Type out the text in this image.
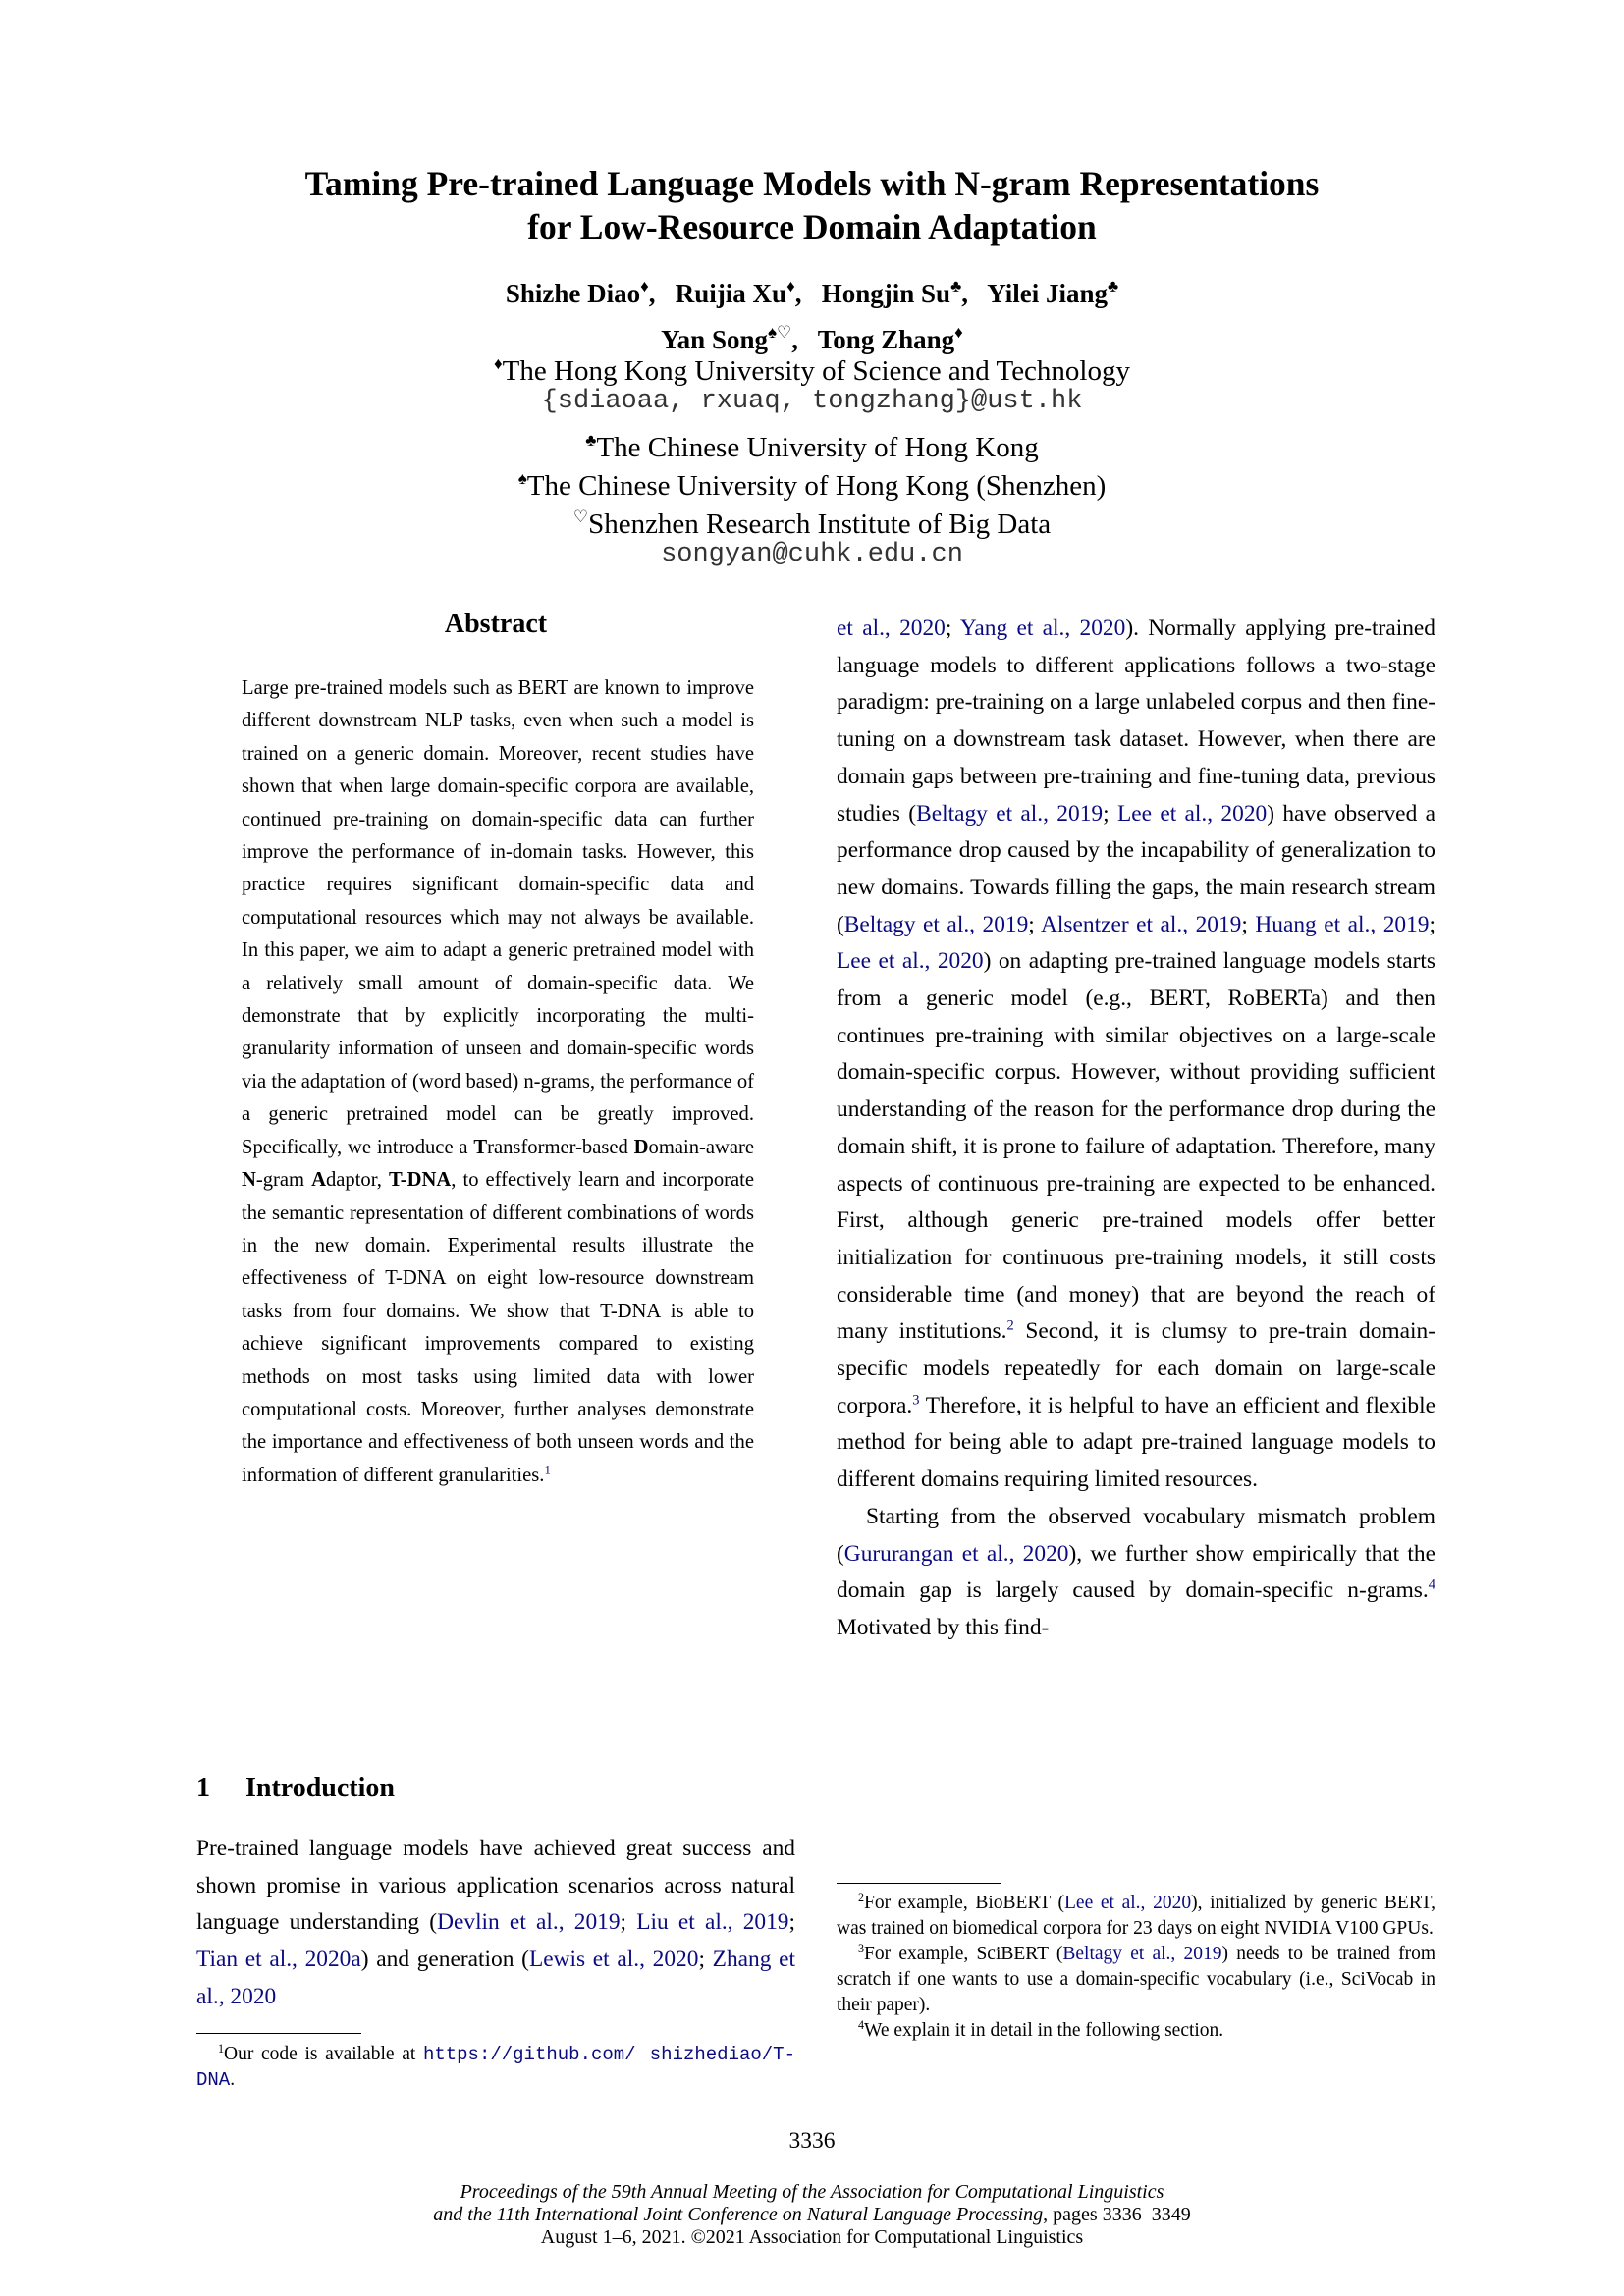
Taming Pre-trained Language Models with N-gram Representations
for Low-Resource Domain Adaptation
Shizhe Diao♦, Ruijia Xu♦, Hongjin Su♣, Yilei Jiang♣
Yan Song♠♡, Tong Zhang♦
♦The Hong Kong University of Science and Technology
{sdiaoaa, rxuaq, tongzhang}@ust.hk
♣The Chinese University of Hong Kong
♠The Chinese University of Hong Kong (Shenzhen)
♡Shenzhen Research Institute of Big Data
songyan@cuhk.edu.cn
Abstract
Large pre-trained models such as BERT are known to improve different downstream NLP tasks, even when such a model is trained on a generic domain. Moreover, recent studies have shown that when large domain-specific corpora are available, continued pre-training on domain-specific data can further improve the performance of in-domain tasks. However, this practice requires significant domain-specific data and computational resources which may not always be available. In this paper, we aim to adapt a generic pretrained model with a relatively small amount of domain-specific data. We demonstrate that by explicitly incorporating the multi-granularity information of unseen and domain-specific words via the adaptation of (word based) n-grams, the performance of a generic pretrained model can be greatly improved. Specifically, we introduce a Transformer-based Domain-aware N-gram Adaptor, T-DNA, to effectively learn and incorporate the semantic representation of different combinations of words in the new domain. Experimental results illustrate the effectiveness of T-DNA on eight low-resource downstream tasks from four domains. We show that T-DNA is able to achieve significant improvements compared to existing methods on most tasks using limited data with lower computational costs. Moreover, further analyses demonstrate the importance and effectiveness of both unseen words and the information of different granularities.$^1$
1 Introduction

Pre-trained language models have achieved great success and shown promise in various application scenarios across natural language understanding (Devlin et al., 2019; Liu et al., 2019; Tian et al., 2020a) and generation (Lewis et al., 2020; Zhang et al., 2020

$^1$Our code is available at https://github.com/ shizhediao/T-DNA.

et al., 2020; Yang et al., 2020). Normally applying pre-trained language models to different applications follows a two-stage paradigm: pre-training on a large unlabeled corpus and then fine-tuning on a downstream task dataset. However, when there are domain gaps between pre-training and fine-tuning data, previous studies (Beltagy et al., 2019; Lee et al., 2020) have observed a performance drop caused by the incapability of generalization to new domains. Towards filling the gaps, the main research stream (Beltagy et al., 2019; Alsentzer et al., 2019; Huang et al., 2019; Lee et al., 2020) on adapting pre-trained language models starts from a generic model (e.g., BERT, RoBERTa) and then continues pre-training with similar objectives on a large-scale domain-specific corpus. However, without providing sufficient understanding of the reason for the performance drop during the domain shift, it is prone to failure of adaptation. Therefore, many aspects of continuous pre-training are expected to be enhanced. First, although generic pre-trained models offer better initialization for continuous pre-training models, it still costs considerable time (and money) that are beyond the reach of many institutions.$^2$ Second, it is clumsy to pre-train domain-specific models repeatedly for each domain on large-scale corpora.$^3$ Therefore, it is helpful to have an efficient and flexible method for being able to adapt pre-trained language models to different domains requiring limited resources.

Starting from the observed vocabulary mismatch problem (Gururangan et al., 2020), we further show empirically that the domain gap is largely caused by domain-specific n-grams.$^4$ Motivated by this find-

$^2$For example, BioBERT (Lee et al., 2020), initialized by generic BERT, was trained on biomedical corpora for 23 days on eight NVIDIA V100 GPUs.

$^3$For example, SciBERT (Beltagy et al., 2019) needs to be trained from scratch if one wants to use a domain-specific vocabulary (i.e., SciVocab in their paper).

$^4$We explain it in detail in the following section.

3336
Proceedings of the 59th Annual Meeting of the Association for Computational Linguistics
and the 11th International Joint Conference on Natural Language Processing, pages 3336–3349
August 1–6, 2021. ©2021 Association for Computational Linguistics
